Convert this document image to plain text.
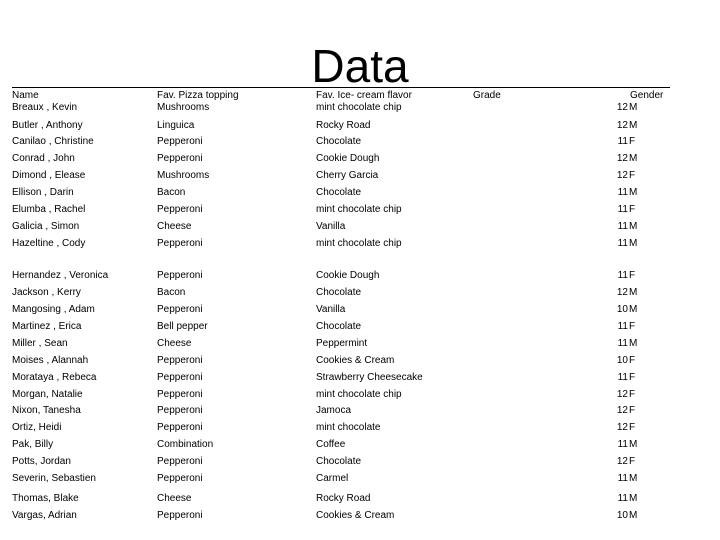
Data
Name	Fav. Pizza topping	Fav. Ice- cream flavor	Grade	Gender
Breaux , Kevin	Mushrooms	mint chocolate chip	12 M
Butler , Anthony	Linguica	Rocky Road	12 M
Canilao , Christine	Pepperoni	Chocolate	11 F
Conrad , John	Pepperoni	Cookie Dough	12 M
Dimond , Elease	Mushrooms	Cherry Garcia	12 F
Ellison , Darin	Bacon	Chocolate	11 M
Elumba , Rachel	Pepperoni	mint chocolate chip	11 F
Galicia , Simon	Cheese	Vanilla	11 M
Hazeltine , Cody	Pepperoni	mint chocolate chip	11 M
Hernandez , Veronica	Pepperoni	Cookie Dough	11 F
Jackson , Kerry	Bacon	Chocolate	12 M
Mangosing , Adam	Pepperoni	Vanilla	10 M
Martinez , Erica	Bell pepper	Chocolate	11 F
Miller , Sean	Cheese	Peppermint	11 M
Moises , Alannah	Pepperoni	Cookies & Cream	10 F
Morataya , Rebeca	Pepperoni	Strawberry Cheesecake	11 F
Morgan, Natalie	Pepperoni	mint chocolate chip	12 F
Nixon, Tanesha	Pepperoni	Jamoca	12 F
Ortiz, Heidi	Pepperoni	mint chocolate	12 F
Pak, Billy	Combination	Coffee	11 M
Potts, Jordan	Pepperoni	Chocolate	12 F
Severin, Sebastien	Pepperoni	Carmel	11 M
Thomas, Blake	Cheese	Rocky Road	11 M
Vargas, Adrian	Pepperoni	Cookies & Cream	10 M
